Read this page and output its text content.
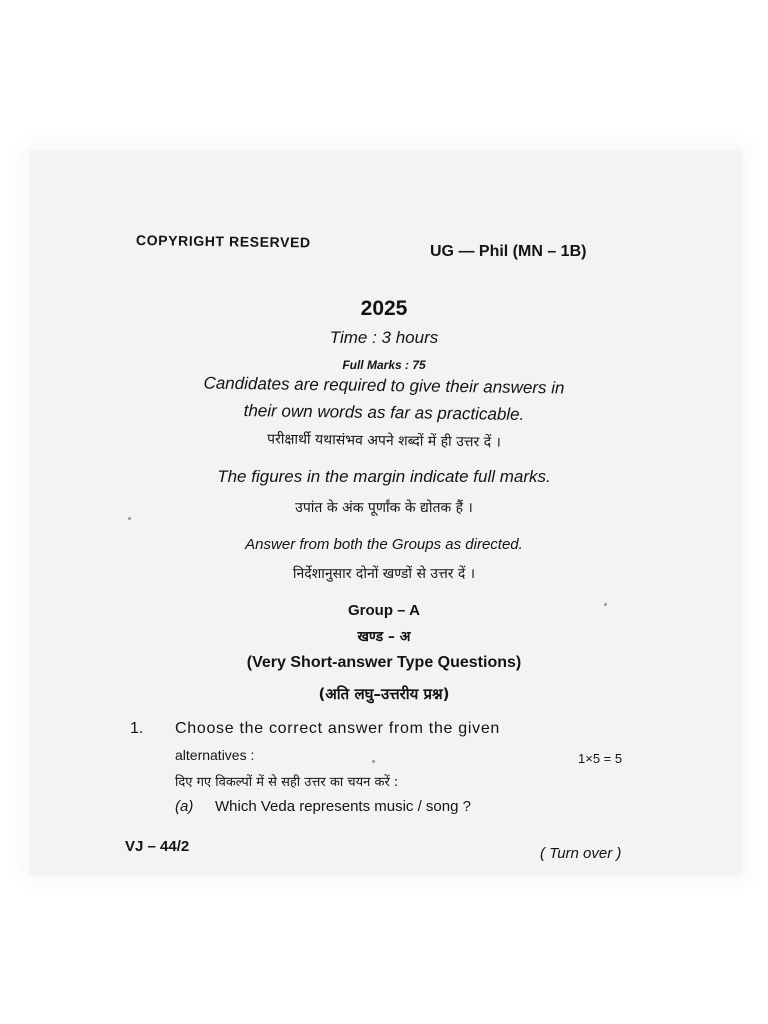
COPYRIGHT RESERVED
UG — Phil (MN – 1B)
2025
Time : 3 hours
Full Marks : 75
Candidates are required to give their answers in
their own words as far as practicable.
परीक्षार्थी यथासंभव अपने शब्दों में ही उत्तर दें ।
The figures in the margin indicate full marks.
उपांत के अंक पूर्णांक के द्योतक हैं ।
Answer from both the Groups as directed.
निर्देशानुसार दोनों खण्डों से उत्तर दें ।
Group – A
खण्ड – अ
(Very Short-answer Type Questions)
(अति लघु–उत्तरीय प्रश्न)
1. Choose the correct answer from the given
alternatives :	1×5 = 5
दिए गए विकल्पों में से सही उत्तर का चयन करें :
(a) Which Veda represents music / song ?
VJ – 44/2	( Turn over )
